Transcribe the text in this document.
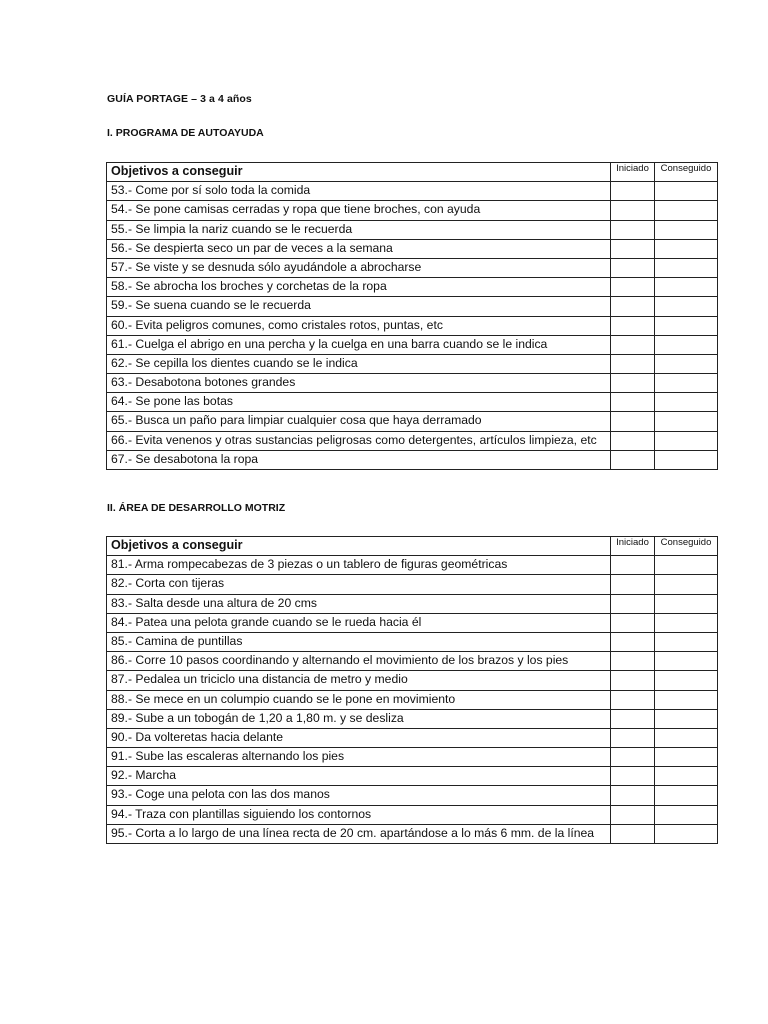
GUÍA PORTAGE – 3 a 4 años
I. PROGRAMA DE AUTOAYUDA
Objetivos a conseguir	Iniciado	Conseguido
53.- Come por sí solo toda la comida		
54.- Se pone camisas cerradas y ropa que tiene broches, con ayuda		
55.- Se limpia la nariz cuando se le recuerda		
56.- Se despierta seco un par de veces a la semana		
57.- Se viste y se desnuda sólo ayudándole a abrocharse		
58.- Se abrocha los broches y corchetas de la ropa		
59.- Se suena cuando se le recuerda		
60.- Evita peligros comunes, como cristales rotos, puntas, etc		
61.- Cuelga el abrigo en una percha y la cuelga en una barra cuando se le indica		
62.- Se cepilla los dientes cuando se le indica		
63.- Desabotona botones grandes		
64.- Se pone las botas		
65.- Busca un paño para limpiar cualquier cosa que haya derramado		
66.- Evita venenos y otras sustancias peligrosas como detergentes, artículos limpieza, etc		
67.- Se desabotona la ropa		
II. ÁREA DE DESARROLLO MOTRIZ
Objetivos a conseguir	Iniciado	Conseguido
81.- Arma rompecabezas de 3 piezas o un tablero de figuras geométricas		
82.- Corta con tijeras		
83.- Salta desde una altura de 20 cms		
84.- Patea una pelota grande cuando se le rueda hacia él		
85.- Camina de puntillas		
86.- Corre 10 pasos coordinando y alternando el movimiento de los brazos y los pies		
87.- Pedalea un triciclo una distancia de metro y medio		
88.- Se mece en un columpio cuando se le pone en movimiento		
89.- Sube a un tobogán de 1,20 a 1,80 m. y se desliza		
90.- Da volteretas hacia delante		
91.- Sube las escaleras alternando los pies		
92.- Marcha		
93.- Coge una pelota con las dos manos		
94.- Traza con plantillas siguiendo los contornos		
95.- Corta a lo largo de una línea recta de 20 cm. apartándose a lo más 6 mm. de la línea		
